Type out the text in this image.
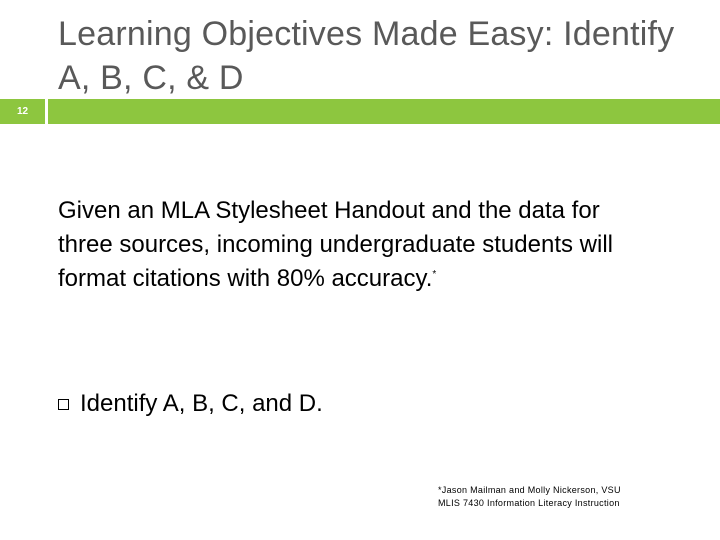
Learning Objectives Made Easy: Identify A, B, C, & D
12

Given an MLA Stylesheet Handout and the data for three sources, incoming undergraduate students will format citations with 80% accuracy.*

Identify A, B, C, and D.

*Jason Mailman and Molly Nickerson, VSU MLIS 7430 Information Literacy Instruction
